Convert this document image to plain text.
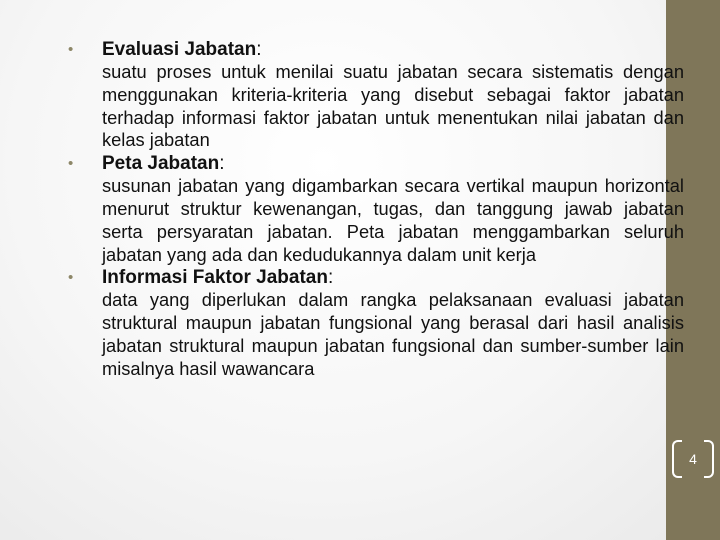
• Evaluasi Jabatan:

suatu proses untuk menilai suatu jabatan secara sistematis dengan menggunakan kriteria-kriteria yang disebut sebagai faktor jabatan terhadap informasi faktor jabatan untuk menentukan nilai jabatan dan kelas jabatan

• Peta Jabatan:

susunan jabatan yang digambarkan secara vertikal maupun horizontal menurut struktur kewenangan, tugas, dan tanggung jawab jabatan serta persyaratan jabatan. Peta jabatan menggambarkan seluruh jabatan yang ada dan kedudukannya dalam unit kerja

• Informasi Faktor Jabatan:

data yang diperlukan dalam rangka pelaksanaan evaluasi jabatan struktural maupun jabatan fungsional yang berasal dari hasil analisis jabatan struktural maupun jabatan fungsional dan sumber-sumber lain misalnya hasil wawancara

4
